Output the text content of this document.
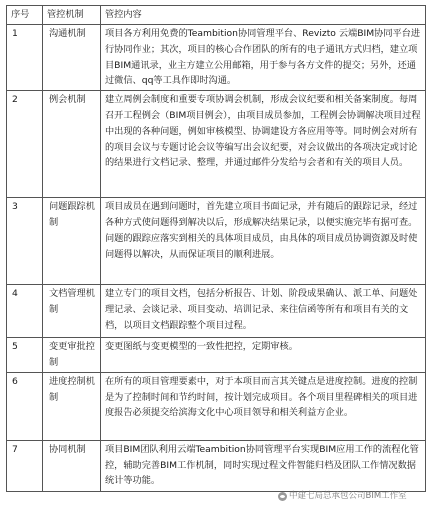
序号	管控机制	管控内容
1	沟通机制	项目各方利用免费的Teambition协同管理平台、Revizto 云端BIM协同平台进行协同作业；其次，项目的核心合作团队的所有的电子通讯方式归档，建立项目BIM通讯录，业主方建立公用邮箱，用于参与各方文件的提交；另外，还通过微信、qq等工具作即时沟通。
2	例会机制	建立周例会制度和重要专项协调会机制，形成会议纪要和相关备案制度。每周召开工程例会（BIM项目例会），由项目成员参加，工程例会协调解决项目过程中出现的各种问题，例如审核模型、协调建设方各应用等等。同时例会对所有的项目会议与专题讨论会议等编写出会议纪要，对会议做出的各项决定或讨论的结果进行文档记录、整理，并通过邮件分发给与会者和有关的项目人员。
3	问题跟踪机制	项目成员在遇到问题时，首先建立项目书面记录，并有随后的跟踪记录，经过各种方式使问题得到解决以后，形成解决结果记录，以便实施完毕有据可查。问题的跟踪应落实到相关的具体项目成员，由具体的项目成员协调资源及时使问题得以解决，从而保证项目的顺利进展。
4	文档管理机制	建立专门的项目文档，包括分析报告、计划、阶段成果确认、派工单、问题处理记录、会谈记录、项目变动、培训记录、来往信函等所有和项目有关的文档，以项目文档跟踪整个项目过程。
5	变更审批控制	变更图纸与变更模型的一致性把控，定期审核。
6	进度控制机制	在所有的项目管理要素中，对于本项目而言其关键点是进度控制。进度的控制是为了控制时间和节约时间，按计划完成项目。各个项目里程碑相关的项目进度报告必须提交给滨海文化中心项目领导和相关利益方企业。
7	协同机制	项目BIM团队利用云端Teambition协同管理平台实现BIM应用工作的流程化管控，辅助完善BIM工作机制，同时实现过程文件智能归档及团队工作情况数据统计等功能。
中建七局总承包公司BIM工作室
